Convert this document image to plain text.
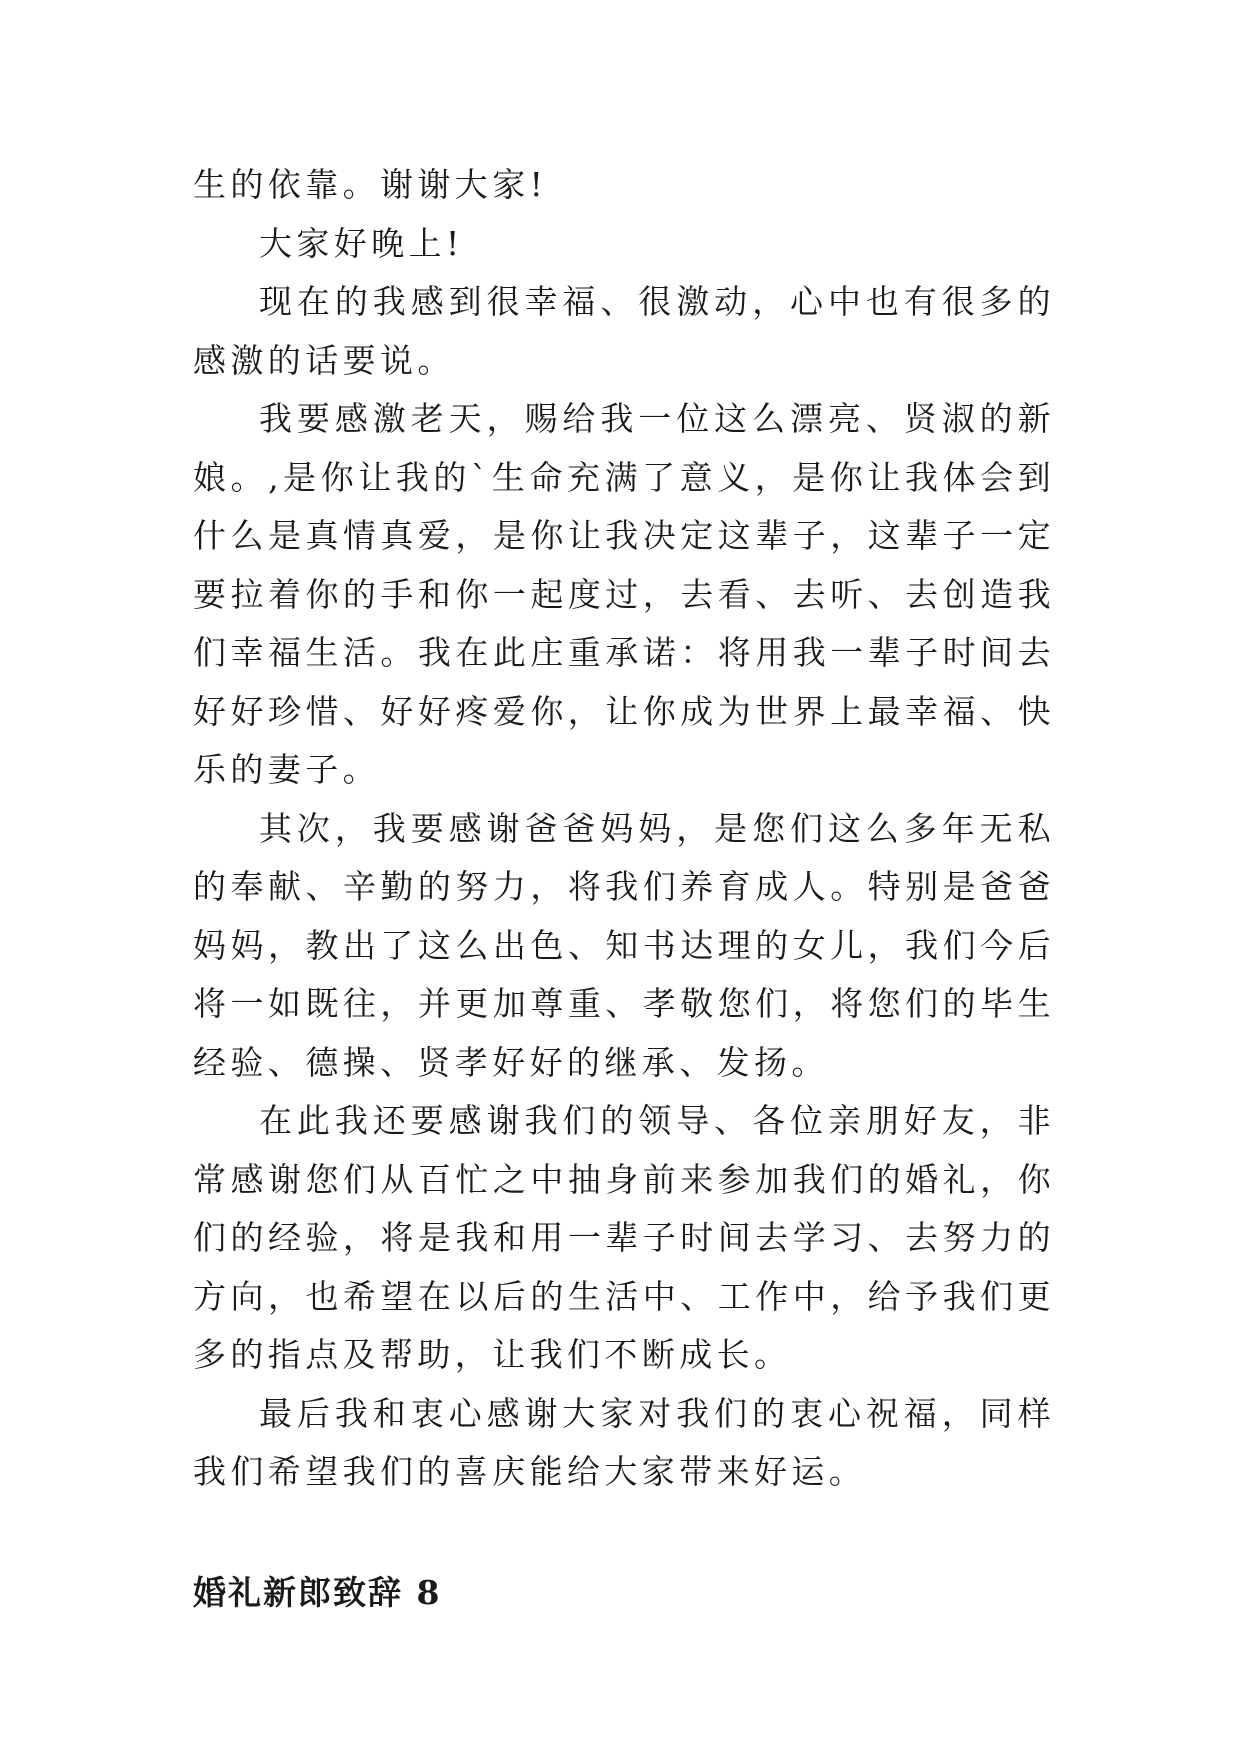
生的依靠。谢谢大家!

大家好晚上!

现在的我感到很幸福、很激动，心中也有很多的感激的话要说。

我要感激老天，赐给我一位这么漂亮、贤淑的新娘。,是你让我的`生命充满了意义，是你让我体会到什么是真情真爱，是你让我决定这辈子，这辈子一定要拉着你的手和你一起度过，去看、去听、去创造我们幸福生活。我在此庄重承诺：将用我一辈子时间去好好珍惜、好好疼爱你，让你成为世界上最幸福、快乐的妻子。

其次，我要感谢爸爸妈妈，是您们这么多年无私的奉献、辛勤的努力，将我们养育成人。特别是爸爸妈妈，教出了这么出色、知书达理的女儿，我们今后将一如既往，并更加尊重、孝敬您们，将您们的毕生经验、德操、贤孝好好的继承、发扬。

在此我还要感谢我们的领导、各位亲朋好友，非常感谢您们从百忙之中抽身前来参加我们的婚礼，你们的经验，将是我和用一辈子时间去学习、去努力的方向，也希望在以后的生活中、工作中，给予我们更多的指点及帮助，让我们不断成长。

最后我和衷心感谢大家对我们的衷心祝福，同样我们希望我们的喜庆能给大家带来好运。

婚礼新郎致辞 8
